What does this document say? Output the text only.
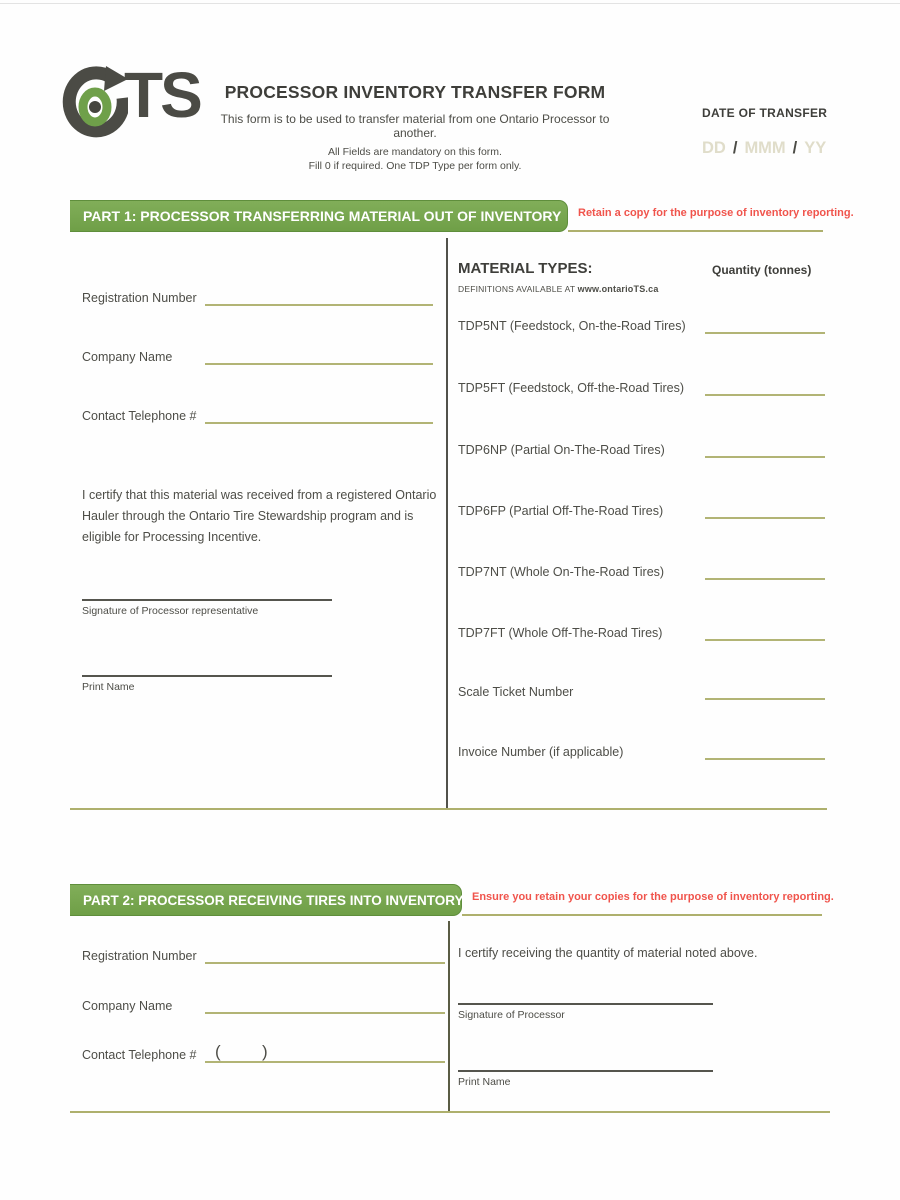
TS	PROCESSOR INVENTORY TRANSFER FORM
This form is to be used to transfer material from one Ontario Processor to another.
All Fields are mandatory on this form.
Fill 0 if required. One TDP Type per form only.
DATE OF TRANSFER
DD / MMM / YY
PART 1: PROCESSOR TRANSFERRING MATERIAL OUT OF INVENTORY	Retain a copy for the purpose of inventory reporting.
Registration Number
Company Name
Contact Telephone #
I certify that this material was received from a registered Ontario Hauler through the Ontario Tire Stewardship program and is eligible for Processing Incentive.
Signature of Processor representative
Print Name
MATERIAL TYPES:
DEFINITIONS AVAILABLE AT www.ontarioTS.ca
Quantity (tonnes)
TDP5NT (Feedstock, On-the-Road Tires)
TDP5FT (Feedstock, Off-the-Road Tires)
TDP6NP (Partial On-The-Road Tires)
TDP6FP (Partial Off-The-Road Tires)
TDP7NT (Whole On-The-Road Tires)
TDP7FT (Whole Off-The-Road Tires)
Scale Ticket Number
Invoice Number (if applicable)
PART 2: PROCESSOR RECEIVING TIRES INTO INVENTORY Ensure you retain your copies for the purpose of inventory reporting.
Registration Number
Company Name
Contact Telephone # ( )
I certify receiving the quantity of material noted above.
Signature of Processor
Print Name
